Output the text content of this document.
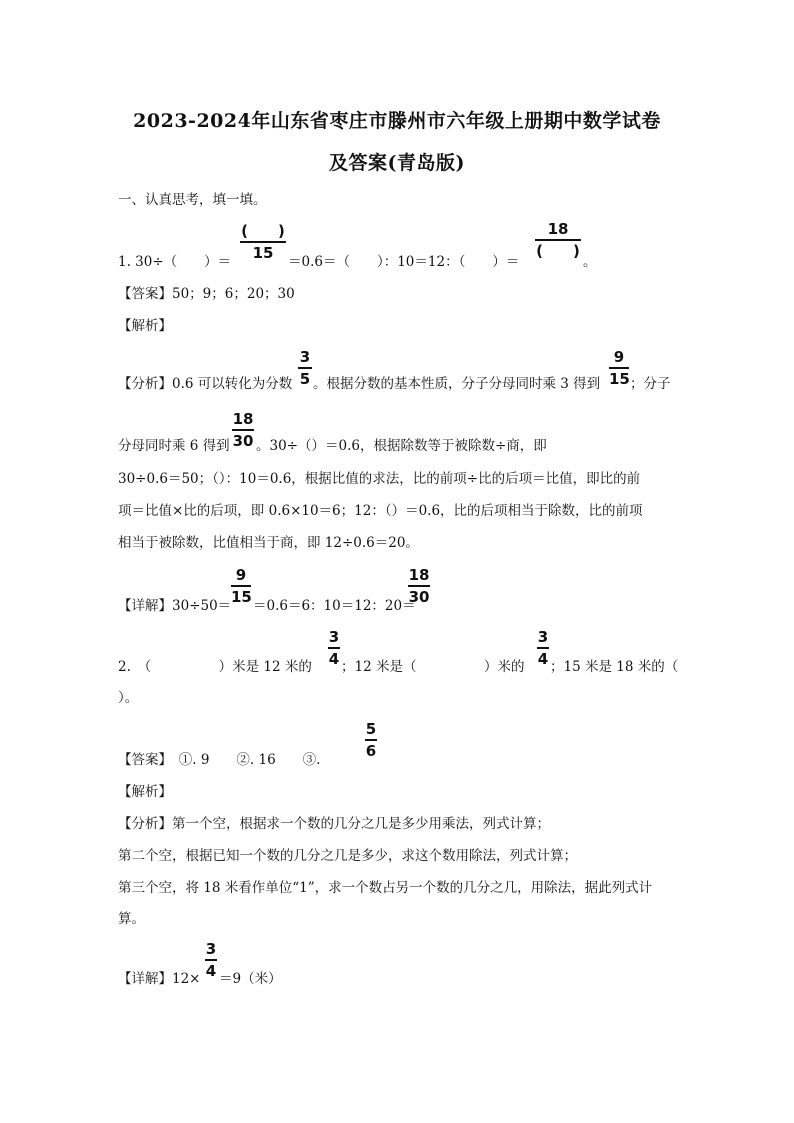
2023-2024年山东省枣庄市滕州市六年级上册期中数学试卷
及答案(青岛版)
一、认真思考，填一填。
1. 30÷（　　）＝
(　　)
15	＝0.6＝（　　）：10＝12：（　　）＝
18
(　　)
。
【答案】50；9；6；20；30
【解析】
【分析】0.6 可以转化为分数
3
5 。根据分数的基本性质，分子分母同时乘 3 得到
9
15 ；分子
分母同时乘 6 得到
18
30 。30÷（）＝0.6，根据除数等于被除数÷商，即
30÷0.6＝50；（）：10＝0.6，根据比值的求法，比的前项÷比的后项＝比值，即比的前
项＝比值×比的后项，即 0.6×10＝6；12：（）＝0.6，比的后项相当于除数，比的前项
相当于被除数，比值相当于商，即 12÷0.6＝20。
【详解】30÷50＝
9
15 ＝0.6＝6：10＝12：20＝
18
30
2.　（　　　　　）米是 12 米的
3
4 ；12 米是（　　　　　）米的
3
4 ；15 米是 18 米的（
）。
【答案】　①. 9　　②. 16　　③.
5
6
【解析】
【分析】第一个空，根据求一个数的几分之几是多少用乘法，列式计算；
第二个空，根据已知一个数的几分之几是多少，求这个数用除法，列式计算；
第三个空，将 18 米看作单位“1”，求一个数占另一个数的几分之几，用除法，据此列式计
算。
【详解】12×
3
4 ＝9（米）
